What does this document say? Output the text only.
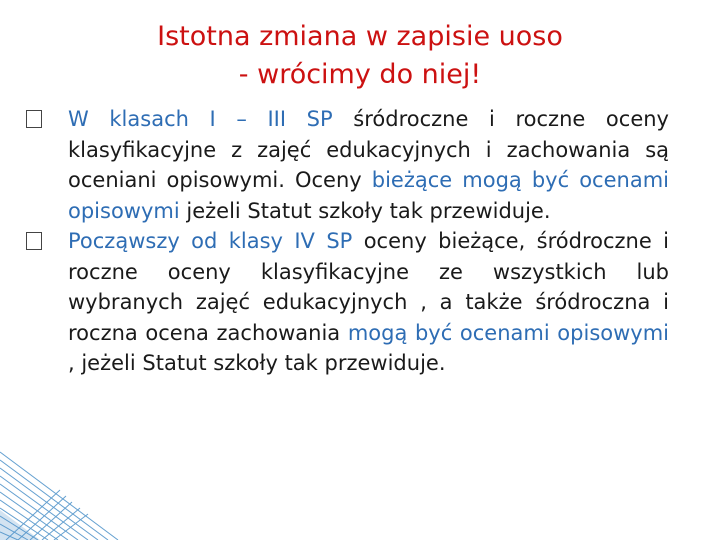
Istotna zmiana w zapisie uoso
- wrócimy do niej!
W klasach I – III SP śródroczne i roczne oceny klasyfikacyjne z zajęć edukacyjnych i zachowania są oceniani opisowymi. Oceny bieżące mogą być ocenami opisowymi jeżeli Statut szkoły tak przewiduje.
Począwszy od klasy IV SP oceny bieżące, śródroczne i roczne oceny klasyfikacyjne ze wszystkich lub wybranych zajęć edukacyjnych , a także śródroczna i roczna ocena zachowania mogą być ocenami opisowymi , jeżeli Statut szkoły tak przewiduje.
